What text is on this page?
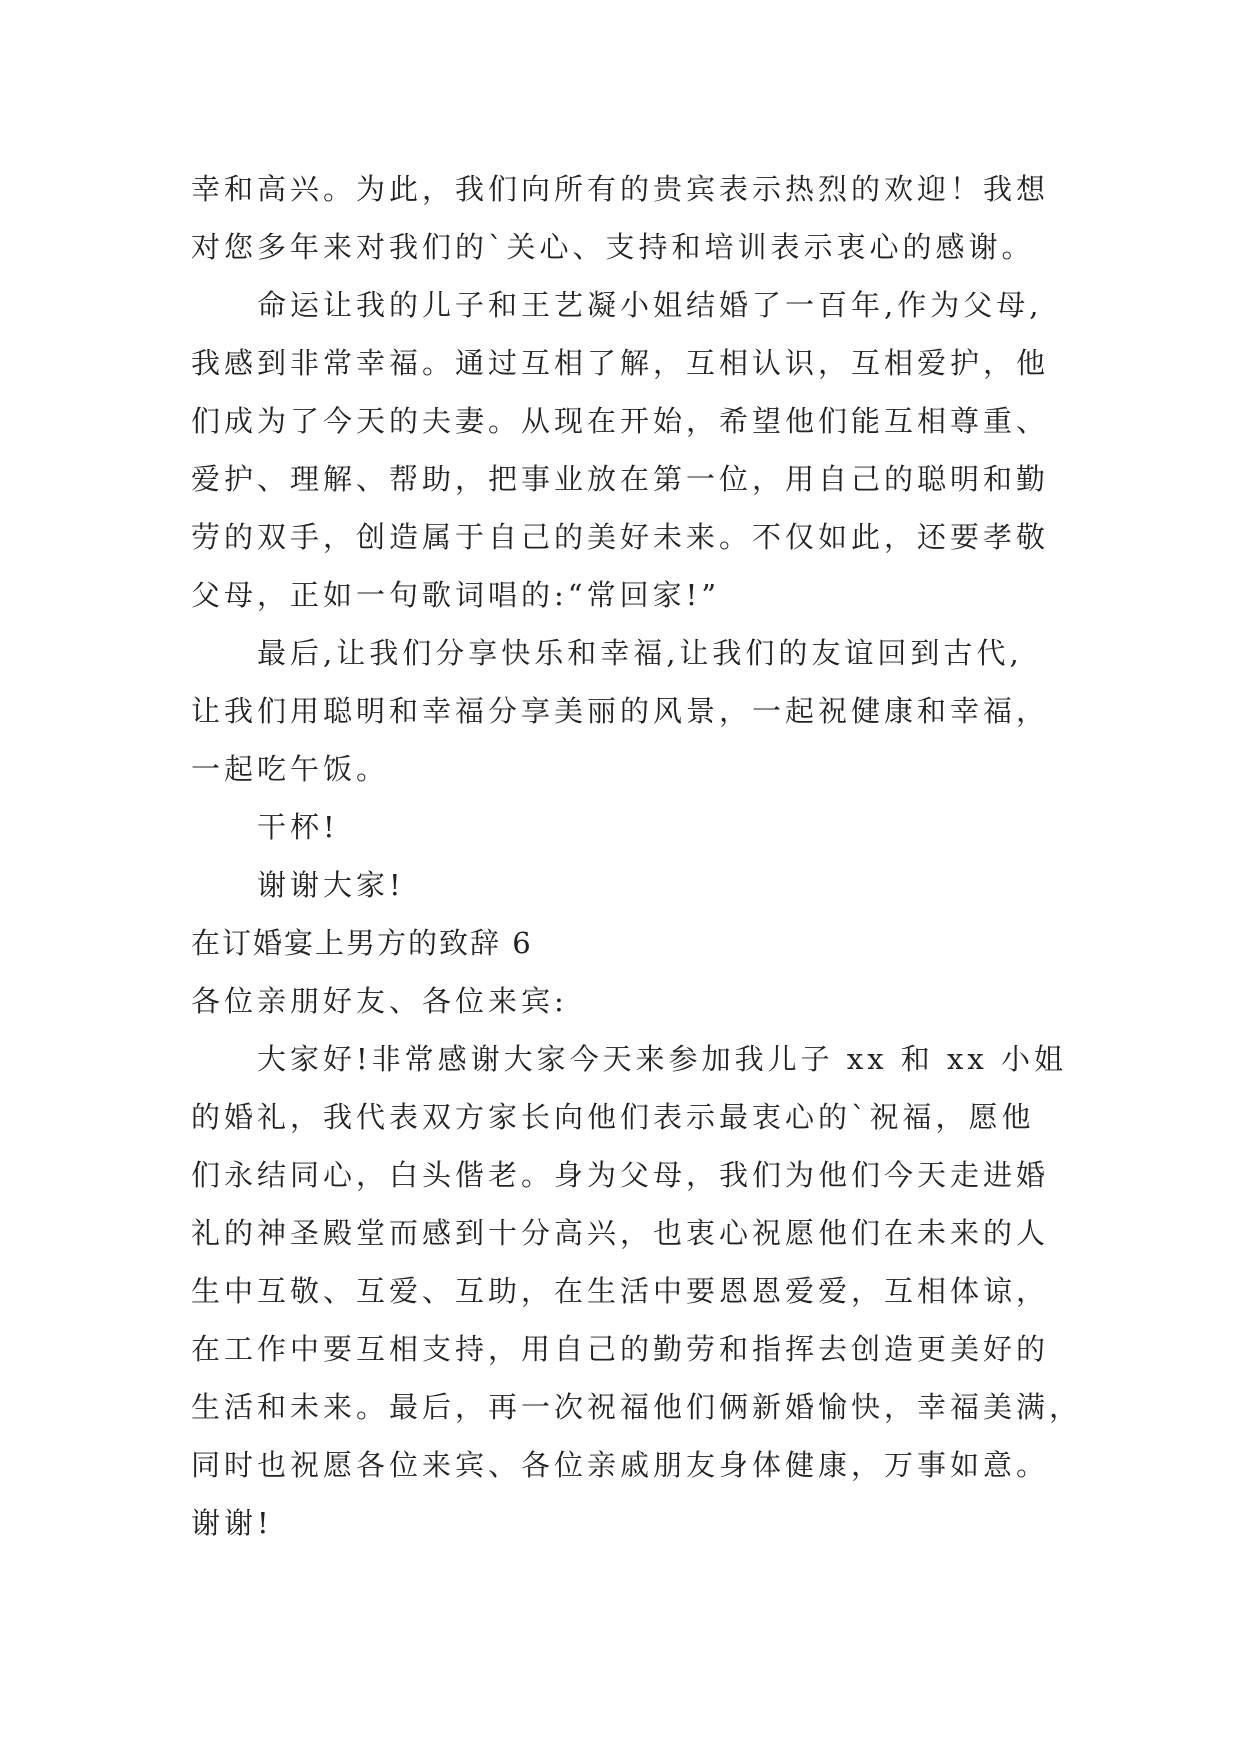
幸和高兴。为此，我们向所有的贵宾表示热烈的欢迎！我想
对您多年来对我们的`关心、支持和培训表示衷心的感谢。
命运让我的儿子和王艺凝小姐结婚了一百年,作为父母,
我感到非常幸福。通过互相了解，互相认识，互相爱护，他
们成为了今天的夫妻。从现在开始，希望他们能互相尊重、
爱护、理解、帮助，把事业放在第一位，用自己的聪明和勤
劳的双手，创造属于自己的美好未来。不仅如此，还要孝敬
父母，正如一句歌词唱的:“常回家!”
最后,让我们分享快乐和幸福,让我们的友谊回到古代,
让我们用聪明和幸福分享美丽的风景，一起祝健康和幸福，
一起吃午饭。
干杯!
谢谢大家!
在订婚宴上男方的致辞 6
各位亲朋好友、各位来宾:
大家好!非常感谢大家今天来参加我儿子 xx 和 xx 小姐
的婚礼，我代表双方家长向他们表示最衷心的`祝福，愿他
们永结同心，白头偕老。身为父母，我们为他们今天走进婚
礼的神圣殿堂而感到十分高兴，也衷心祝愿他们在未来的人
生中互敬、互爱、互助，在生活中要恩恩爱爱，互相体谅，
在工作中要互相支持，用自己的勤劳和指挥去创造更美好的
生活和未来。最后，再一次祝福他们俩新婚愉快，幸福美满，
同时也祝愿各位来宾、各位亲戚朋友身体健康，万事如意。
谢谢!
